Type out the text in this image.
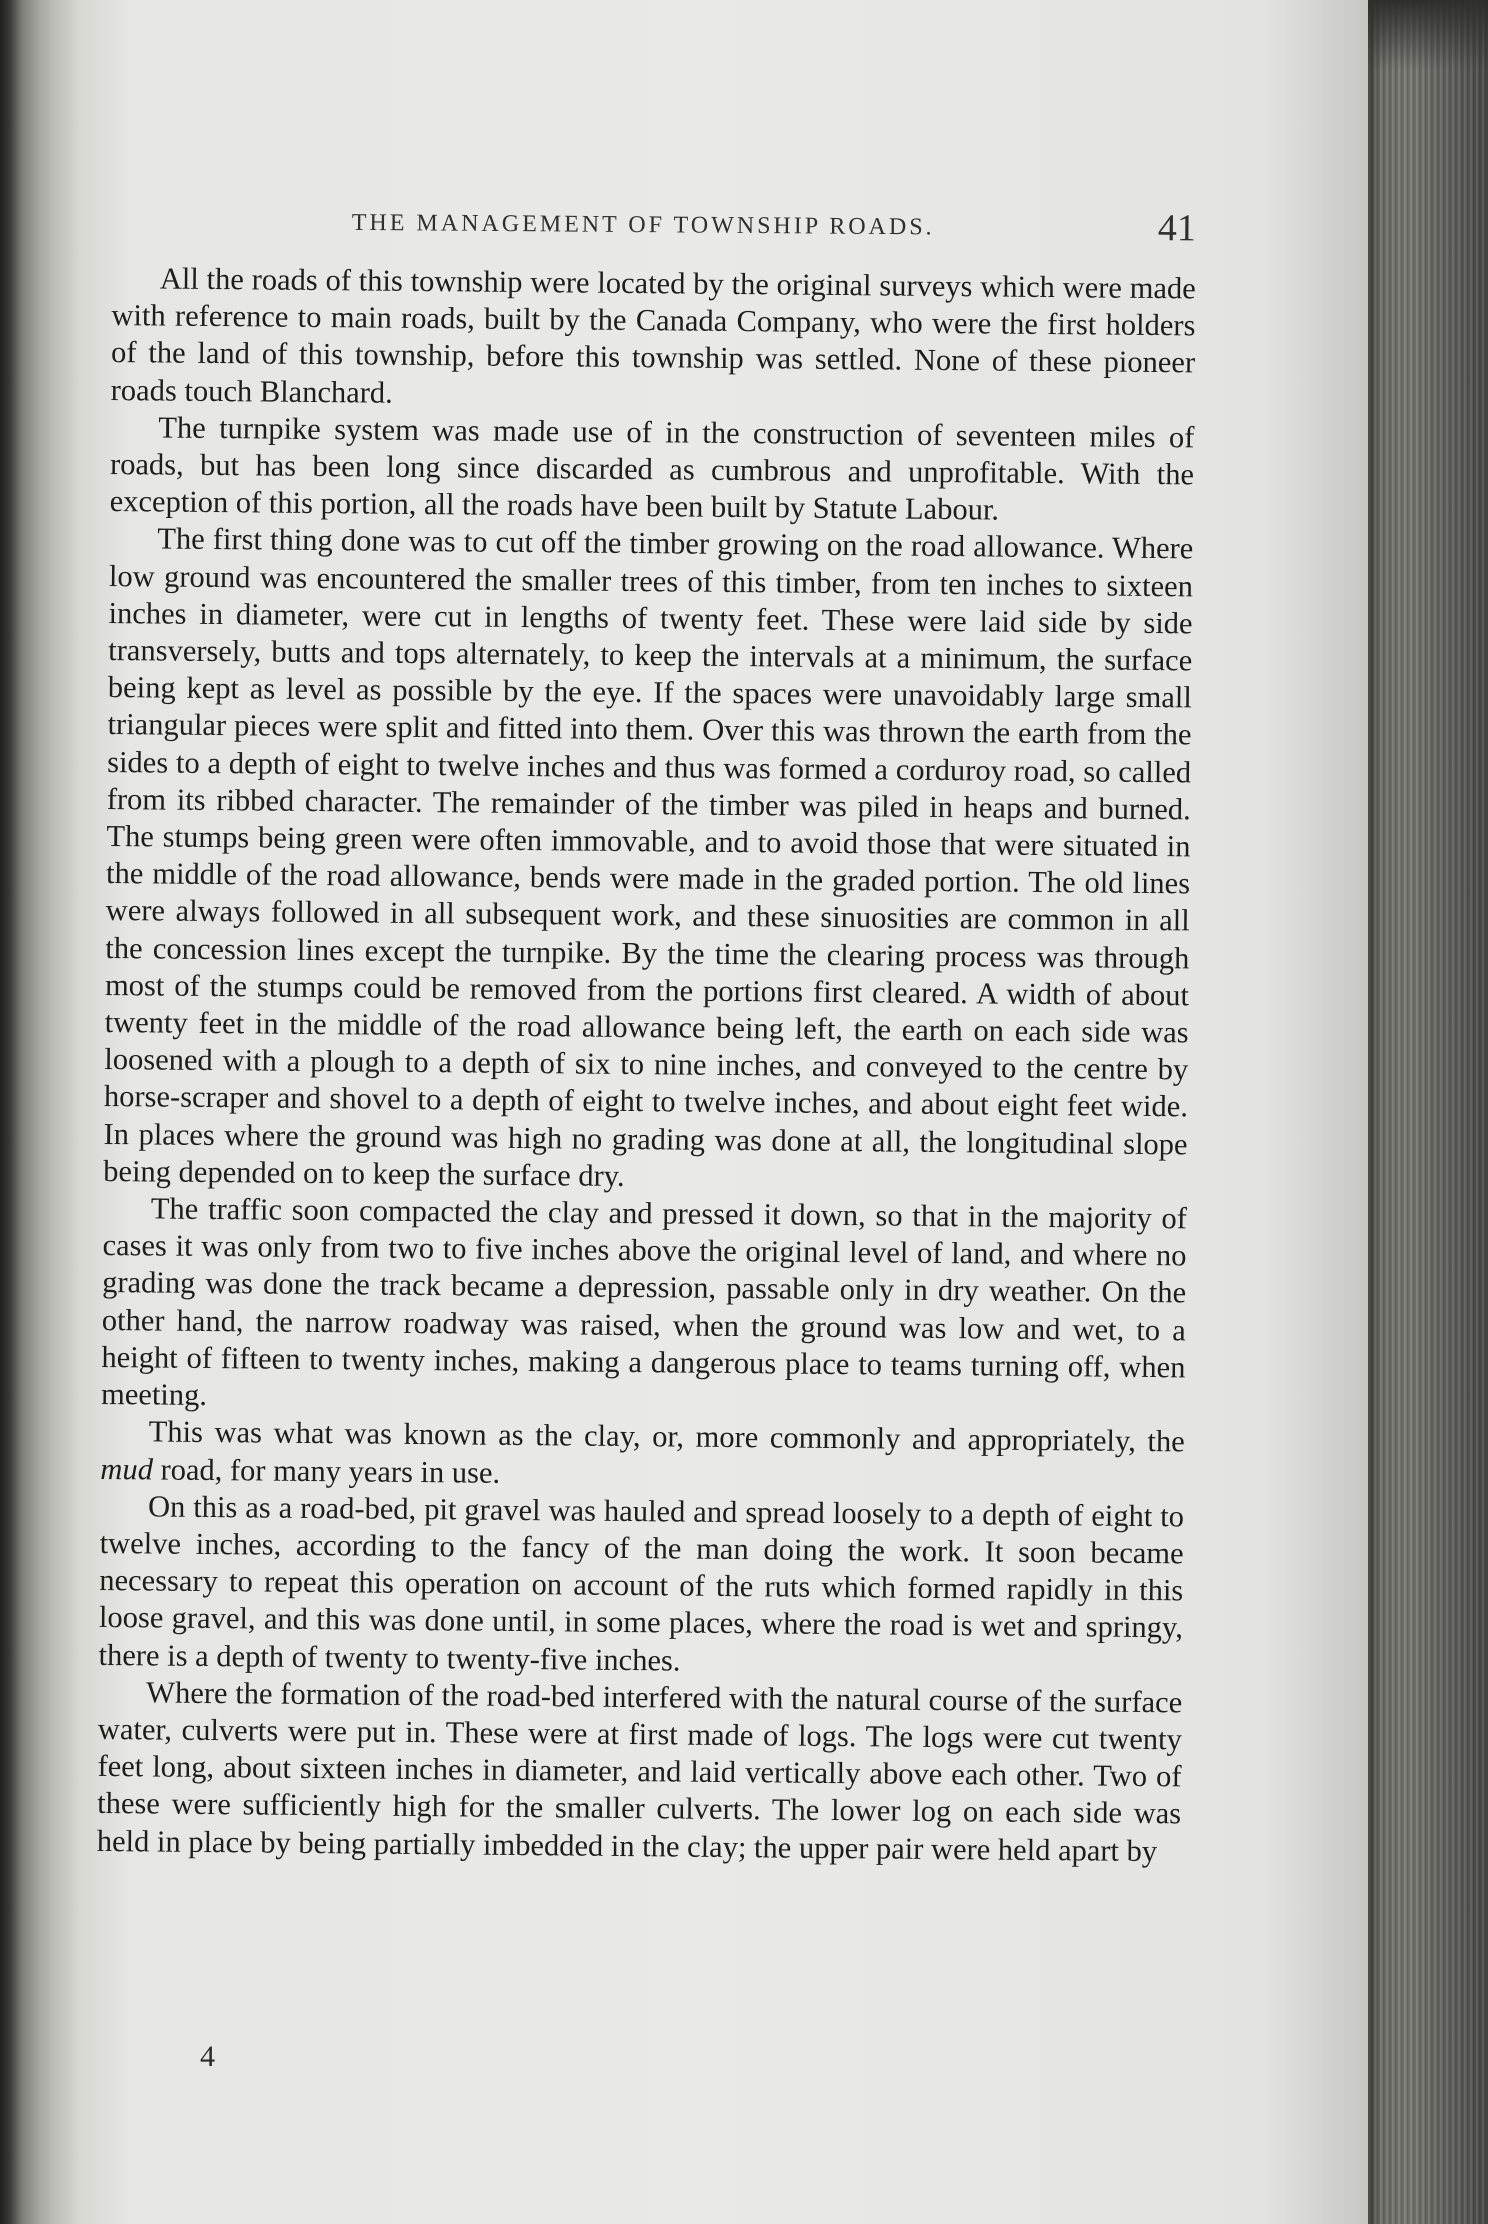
THE MANAGEMENT OF TOWNSHIP ROADS.	41

All the roads of this township were located by the original surveys which were made with reference to main roads, built by the Canada Company, who were the first holders of the land of this township, before this township was settled. None of these pioneer roads touch Blanchard.

The turnpike system was made use of in the construction of seventeen miles of roads, but has been long since discarded as cumbrous and unprofitable. With the exception of this portion, all the roads have been built by Statute Labour.

The first thing done was to cut off the timber growing on the road allowance. Where low ground was encountered the smaller trees of this timber, from ten inches to sixteen inches in diameter, were cut in lengths of twenty feet. These were laid side by side transversely, butts and tops alternately, to keep the intervals at a minimum, the surface being kept as level as possible by the eye. If the spaces were unavoidably large small triangular pieces were split and fitted into them. Over this was thrown the earth from the sides to a depth of eight to twelve inches and thus was formed a corduroy road, so called from its ribbed character. The remainder of the timber was piled in heaps and burned. The stumps being green were often immovable, and to avoid those that were situated in the middle of the road allowance, bends were made in the graded portion. The old lines were always followed in all subsequent work, and these sinuosities are common in all the concession lines except the turnpike. By the time the clearing process was through most of the stumps could be removed from the portions first cleared. A width of about twenty feet in the middle of the road allowance being left, the earth on each side was loosened with a plough to a depth of six to nine inches, and conveyed to the centre by horse-scraper and shovel to a depth of eight to twelve inches, and about eight feet wide. In places where the ground was high no grading was done at all, the longitudinal slope being depended on to keep the surface dry.

The traffic soon compacted the clay and pressed it down, so that in the majority of cases it was only from two to five inches above the original level of land, and where no grading was done the track became a depression, passable only in dry weather. On the other hand, the narrow roadway was raised, when the ground was low and wet, to a height of fifteen to twenty inches, making a dangerous place to teams turning off, when meeting.

This was what was known as the clay, or, more commonly and appropriately, the mud road, for many years in use.

On this as a road-bed, pit gravel was hauled and spread loosely to a depth of eight to twelve inches, according to the fancy of the man doing the work. It soon became necessary to repeat this operation on account of the ruts which formed rapidly in this loose gravel, and this was done until, in some places, where the road is wet and springy, there is a depth of twenty to twenty-five inches.

Where the formation of the road-bed interfered with the natural course of the surface water, culverts were put in. These were at first made of logs. The logs were cut twenty feet long, about sixteen inches in diameter, and laid vertically above each other. Two of these were sufficiently high for the smaller culverts. The lower log on each side was held in place by being partially imbedded in the clay; the upper pair were held apart by

4
